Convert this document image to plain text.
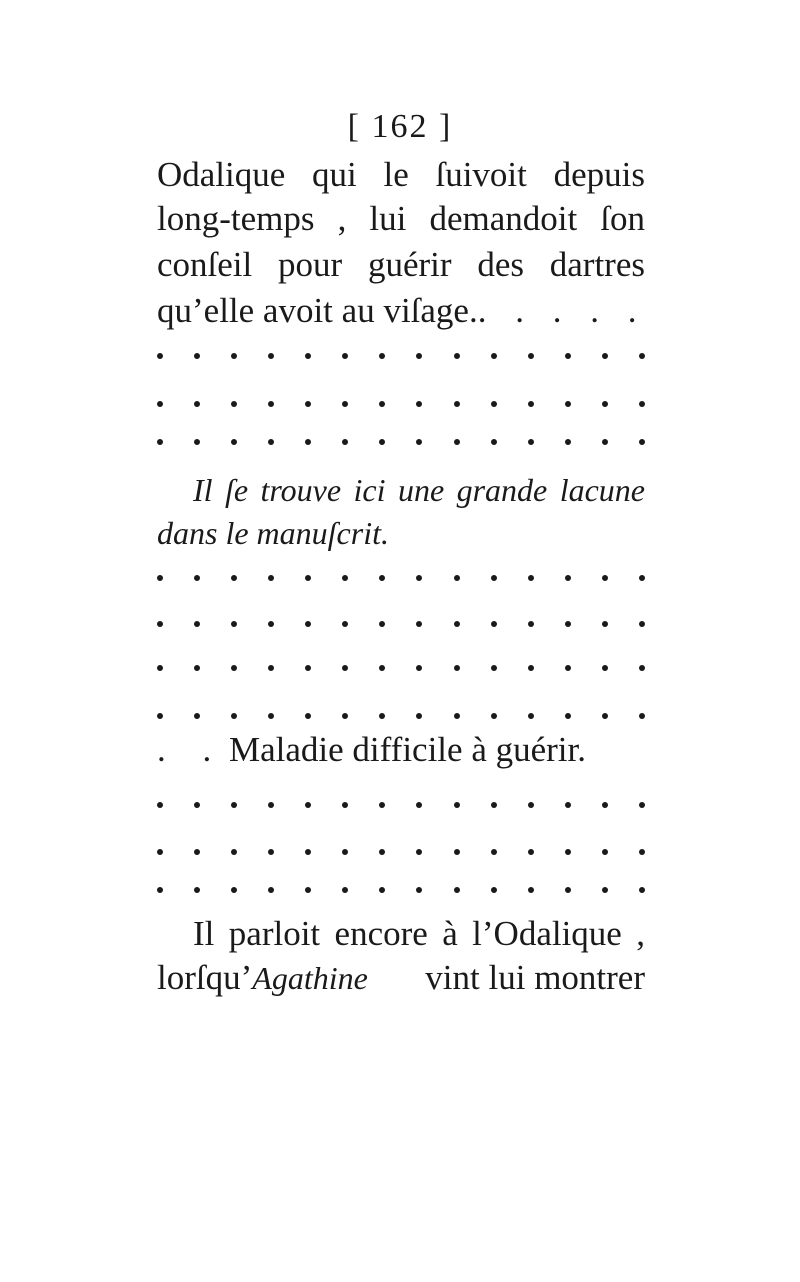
[ 162 ]
Odalique qui le ſuivoit depuis
long-temps , lui demandoit ſon
conſeil pour guérir des dartres
qu’elle avoit au viſage. . . . . .
Il ſe trouve ici une grande lacune
dans le manuſcrit.
. . Maladie difficile à guérir.
Il parloit encore à l’Odalique ,
lorſqu’Agathine vint lui montrer
